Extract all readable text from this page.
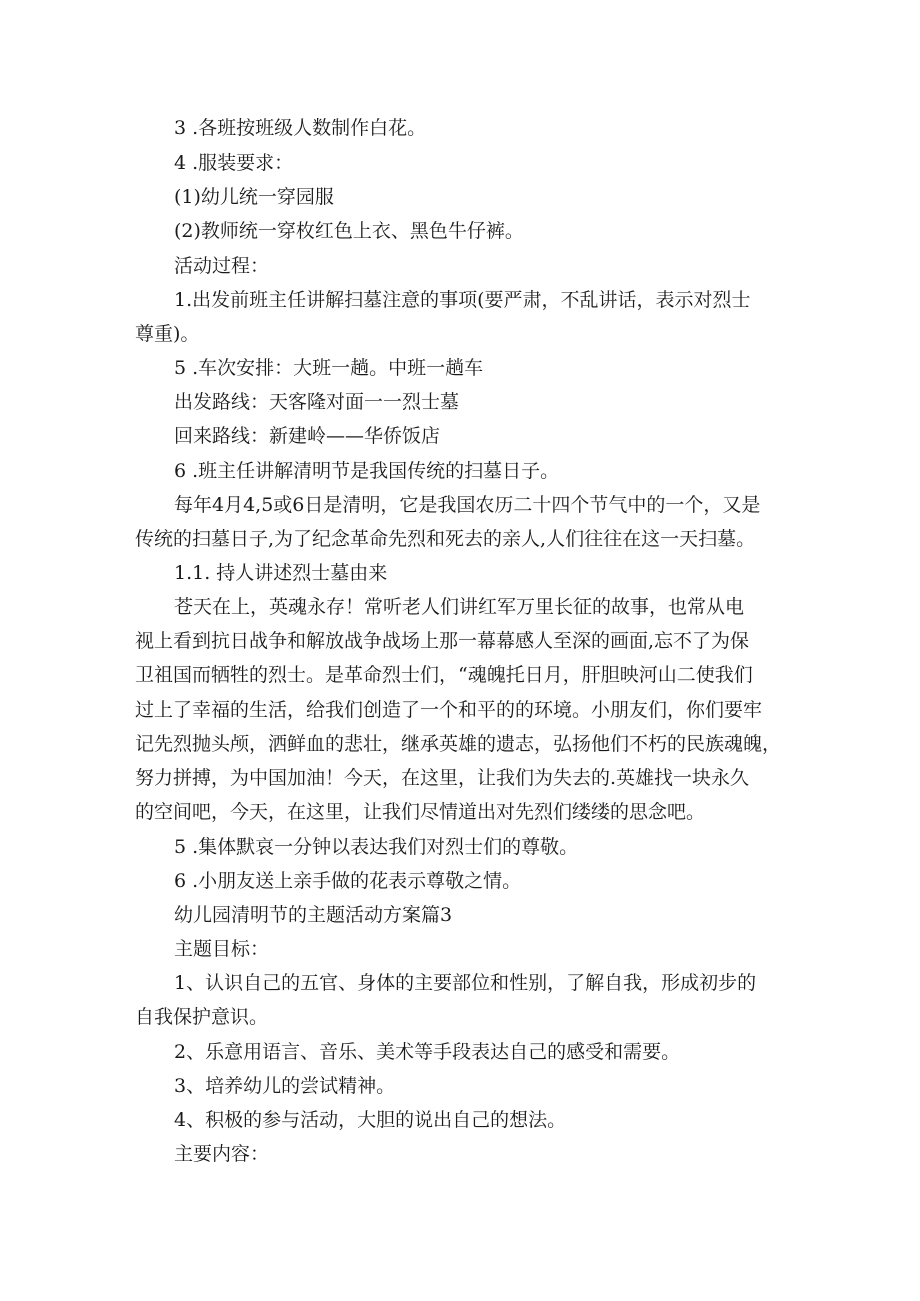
3 .各班按班级人数制作白花。

4 .服装要求：

(1)幼儿统一穿园服

(2)教师统一穿枚红色上衣、黑色牛仔裤。

活动过程：

1.出发前班主任讲解扫墓注意的事项(要严肃，不乱讲话，表示对烈士

尊重)。

5 .车次安排：大班一趟。中班一趟车

出发路线：天客隆对面一一烈士墓

回来路线：新建岭——华侨饭店

6 .班主任讲解清明节是我国传统的扫墓日子。

每年4月4,5或6日是清明，它是我国农历二十四个节气中的一个，又是

传统的扫墓日子,为了纪念革命先烈和死去的亲人,人们往往在这一天扫墓。

1.1. 持人讲述烈士墓由来

苍天在上，英魂永存！常听老人们讲红军万里长征的故事，也常从电

视上看到抗日战争和解放战争战场上那一幕幕感人至深的画面,忘不了为保

卫祖国而牺牲的烈士。是革命烈士们，“魂魄托日月，肝胆映河山二使我们

过上了幸福的生活，给我们创造了一个和平的的环境。小朋友们，你们要牢

记先烈抛头颅，洒鲜血的悲壮，继承英雄的遗志，弘扬他们不朽的民族魂魄，

努力拼搏，为中国加油！今天，在这里，让我们为失去的.英雄找一块永久

的空间吧，今天，在这里，让我们尽情道出对先烈们缕缕的思念吧。

5 .集体默哀一分钟以表达我们对烈士们的尊敬。

6 .小朋友送上亲手做的花表示尊敬之情。

幼儿园清明节的主题活动方案篇3

主题目标：

1、认识自己的五官、身体的主要部位和性别，了解自我，形成初步的

自我保护意识。

2、乐意用语言、音乐、美术等手段表达自己的感受和需要。

3、培养幼儿的尝试精神。

4、积极的参与活动，大胆的说出自己的想法。

主要内容：
